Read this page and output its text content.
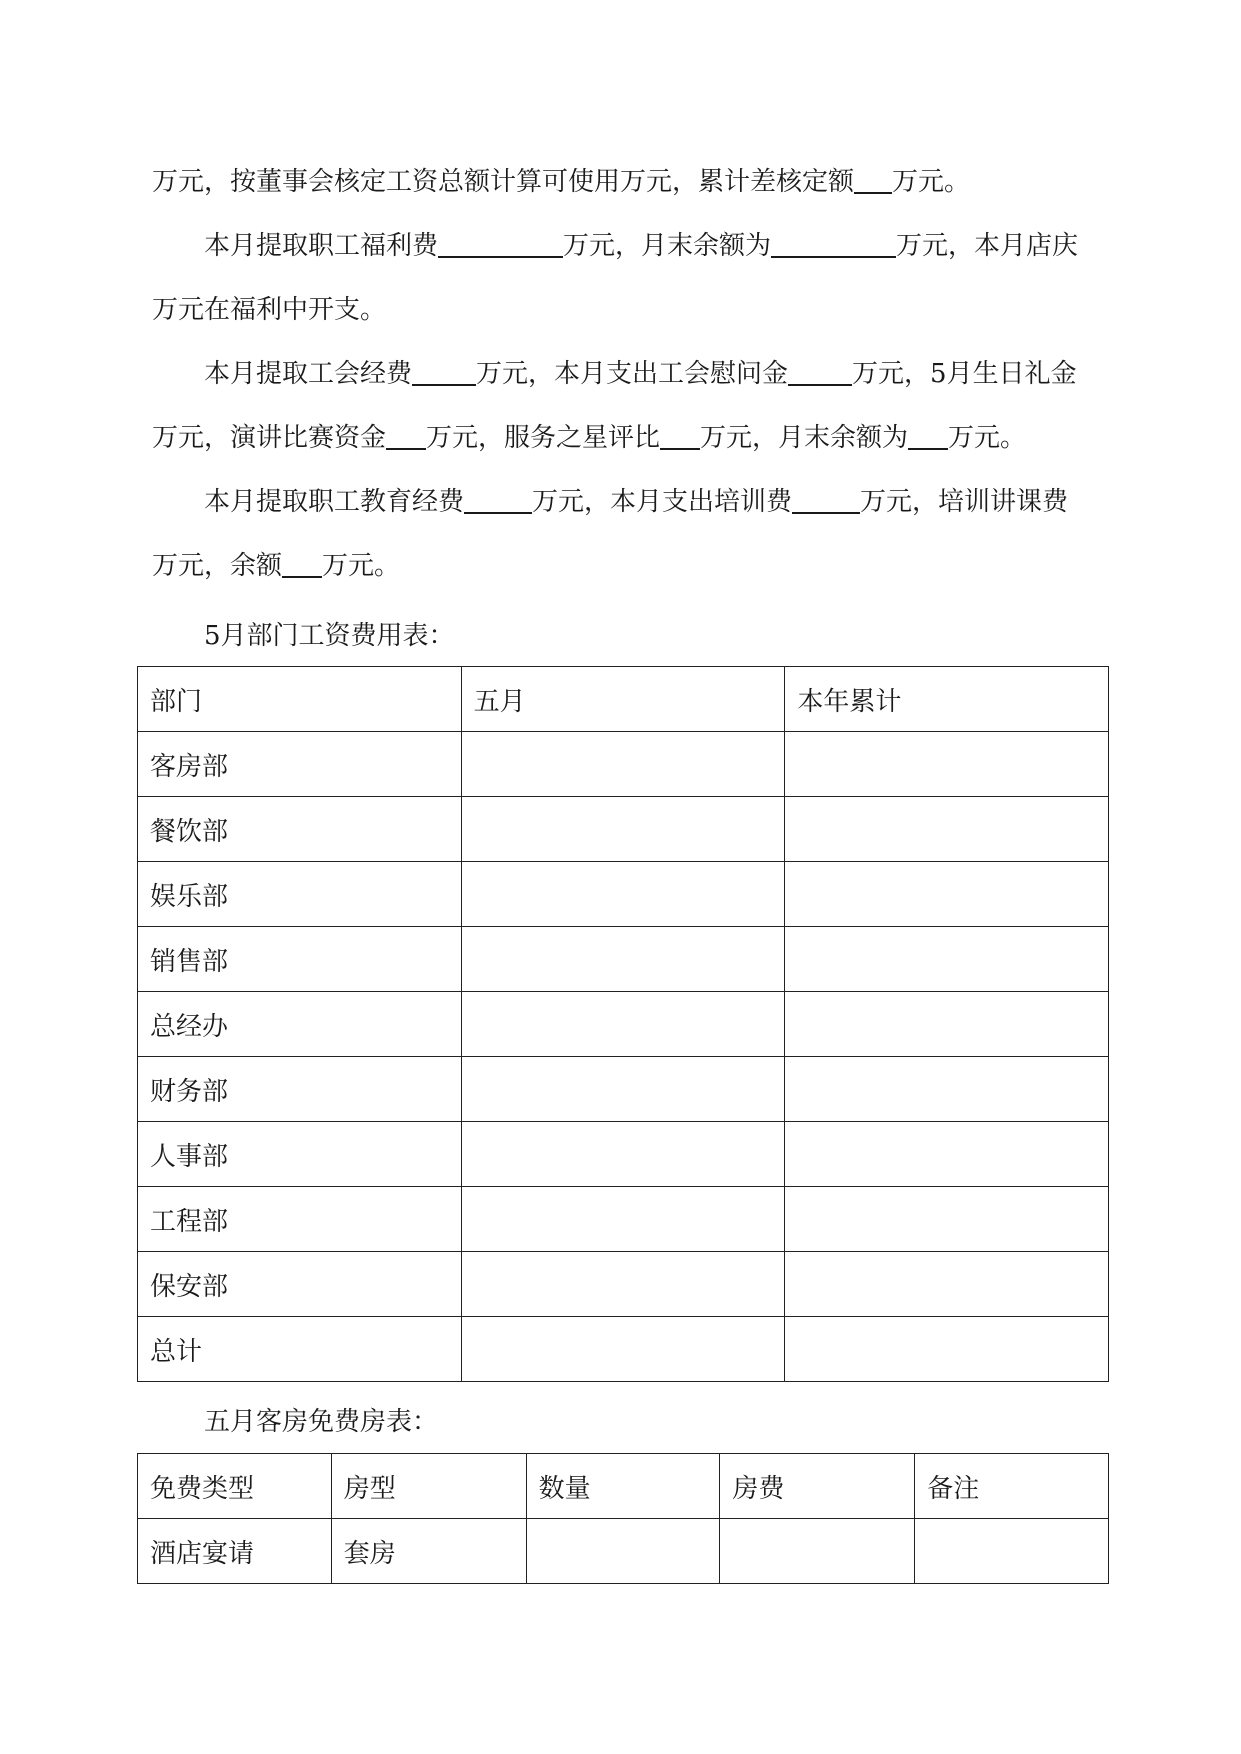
万元，按董事会核定工资总额计算可使用万元，累计差核定额 万元。
本月提取职工福利费	万元，月末余额为	万元，本月店庆
万元在福利中开支。
本月提取工会经费 万元，本月支出工会慰问金 万元，5月生日礼金
万元，演讲比赛资金 万元，服务之星评比 万元，月末余额为 万元。
本月提取职工教育经费	万元，本月支出培训费	万元，培训讲课费
万元，余额 万元。
5月部门工资费用表：
部门	五月	本年累计
客房部		
餐饮部		
娱乐部		
销售部		
总经办		
财务部		
人事部		
工程部		
保安部		
总计		
五月客房免费房表：
免费类型	房型	数量	房费	备注
酒店宴请	套房			
